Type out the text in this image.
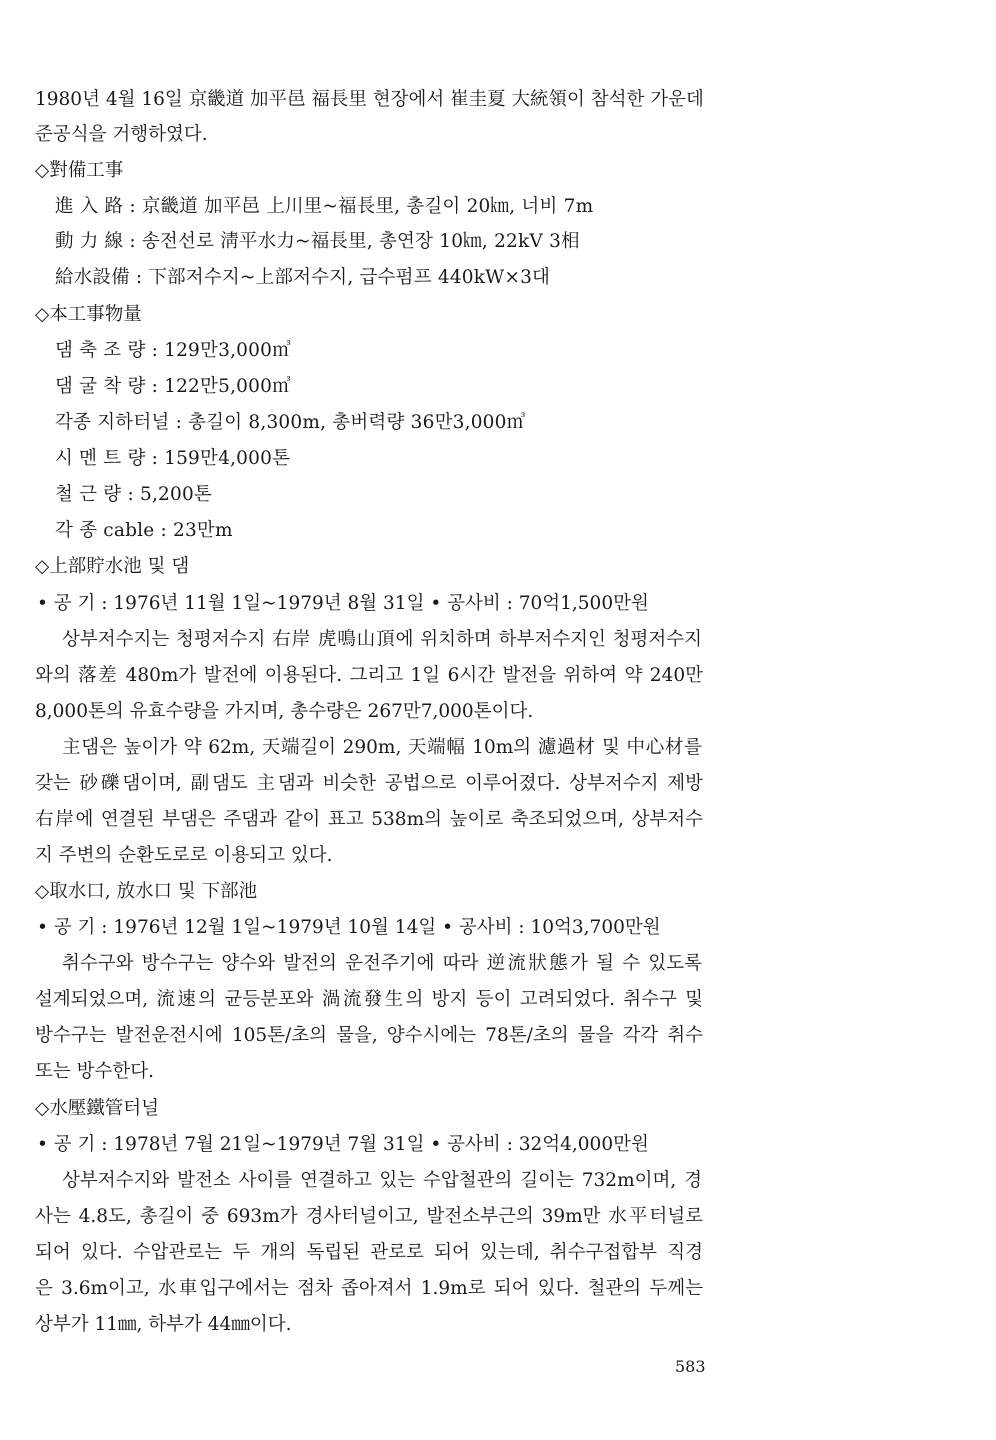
1980년 4월 16일 京畿道 加平邑 福長里 현장에서 崔圭夏 大統領이 참석한 가운데
준공식을 거행하였다.
◇對備工事
進 入 路 : 京畿道 加平邑 上川里~福長里, 총길이 20㎞, 너비 7m
動 力 線 : 송전선로 淸平水力~福長里, 총연장 10㎞, 22kV 3相
給水設備 : 下部저수지~上部저수지, 급수펌프 440kW×3대
◇本工事物量
댐 축 조 량 : 129만3,000㎥
댐 굴 착 량 : 122만5,000㎥
각종 지하터널 : 총길이 8,300m, 총버력량 36만3,000㎥
시 멘 트 량 : 159만4,000톤
철 근 량 : 5,200톤
각 종 cable : 23만m
◇上部貯水池 및 댐
• 공 기 : 1976년 11월 1일~1979년 8월 31일 • 공사비 : 70억1,500만원
상부저수지는 청평저수지 右岸 虎鳴山頂에 위치하며 하부저수지인 청평저수지
와의 落差 480m가 발전에 이용된다. 그리고 1일 6시간 발전을 위하여 약 240만
8,000톤의 유효수량을 가지며, 총수량은 267만7,000톤이다.
主댐은 높이가 약 62m, 天端길이 290m, 天端幅 10m의 濾過材 및 中心材를
갖는 砂礫댐이며, 副댐도 主댐과 비슷한 공법으로 이루어졌다. 상부저수지 제방
右岸에 연결된 부댐은 주댐과 같이 표고 538m의 높이로 축조되었으며, 상부저수
지 주변의 순환도로로 이용되고 있다.
◇取水口, 放水口 및 下部池
• 공 기 : 1976년 12월 1일~1979년 10월 14일 • 공사비 : 10억3,700만원
취수구와 방수구는 양수와 발전의 운전주기에 따라 逆流狀態가 될 수 있도록
설계되었으며, 流速의 균등분포와 渦流發生의 방지 등이 고려되었다. 취수구 및
방수구는 발전운전시에 105톤/초의 물을, 양수시에는 78톤/초의 물을 각각 취수
또는 방수한다.
◇水壓鐵管터널
• 공 기 : 1978년 7월 21일~1979년 7월 31일 • 공사비 : 32억4,000만원
상부저수지와 발전소 사이를 연결하고 있는 수압철관의 길이는 732m이며, 경
사는 4.8도, 총길이 중 693m가 경사터널이고, 발전소부근의 39m만 水平터널로
되어 있다. 수압관로는 두 개의 독립된 관로로 되어 있는데, 취수구접합부 직경
은 3.6m이고, 水車입구에서는 점차 좁아져서 1.9m로 되어 있다. 철관의 두께는
상부가 11㎜, 하부가 44㎜이다.
583
